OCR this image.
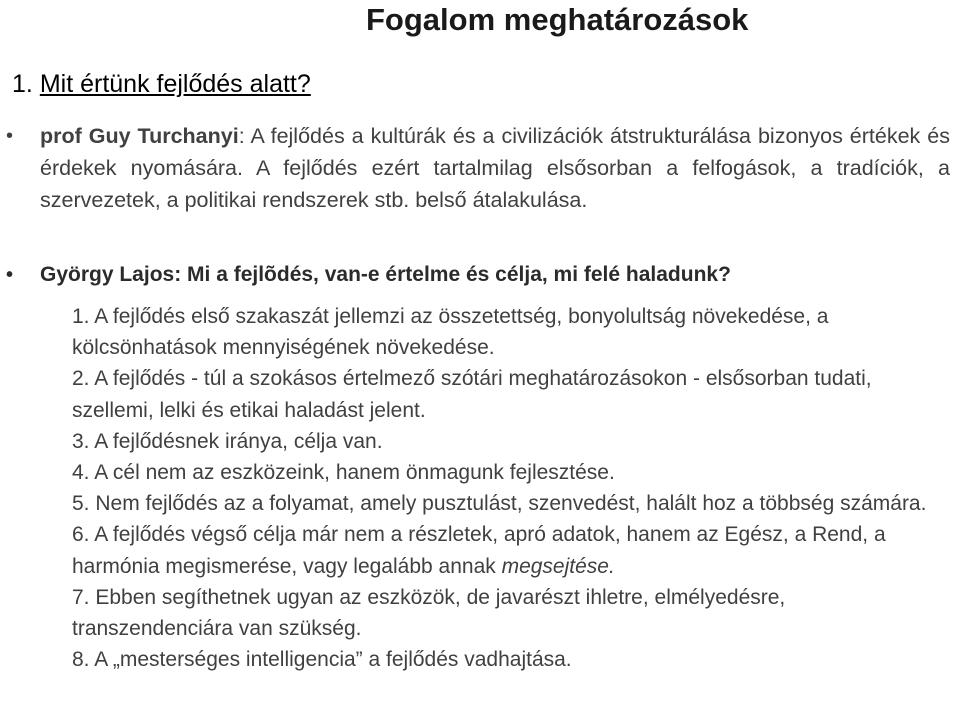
Fogalom meghatározások
1. Mit értünk fejlődés alatt?
• prof Guy Turchanyi: A fejlődés a kultúrák és a civilizációk átstrukturálása bizonyos értékek és érdekek nyomására. A fejlődés ezért tartalmilag elsősorban a felfogások, a tradíciók, a szervezetek, a politikai rendszerek stb. belső átalakulása.
• György Lajos: Mi a fejlõdés, van-e értelme és célja, mi felé haladunk?

1. A fejlődés első szakaszát jellemzi az összetettség, bonyolultság növekedése, a kölcsönhatások mennyiségének növekedése.

2. A fejlődés - túl a szokásos értelmező szótári meghatározásokon - elsősorban tudati, szellemi, lelki és etikai haladást jelent.

3. A fejlődésnek iránya, célja van.

4. A cél nem az eszközeink, hanem önmagunk fejlesztése.

5. Nem fejlődés az a folyamat, amely pusztulást, szenvedést, halált hoz a többség számára.

6. A fejlődés végső célja már nem a részletek, apró adatok, hanem az Egész, a Rend, a harmónia megismerése, vagy legalább annak megsejtése.

7. Ebben segíthetnek ugyan az eszközök, de javarészt ihletre, elmélyedésre, transzendenciára van szükség.

8. A „mesterséges intelligencia” a fejlődés vadhajtása.
